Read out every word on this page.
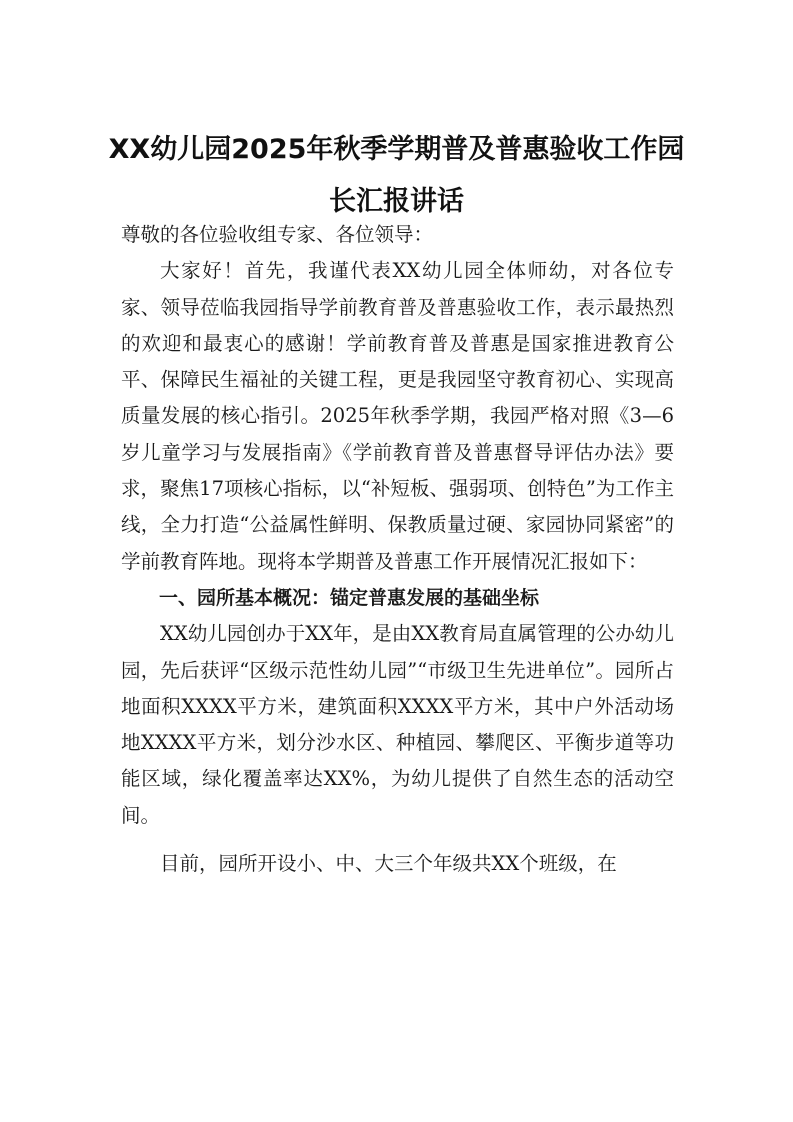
XX幼儿园2025年秋季学期普及普惠验收工作园长汇报讲话

尊敬的各位验收组专家、各位领导：

大家好！首先，我谨代表XX幼儿园全体师幼，对各位专家、领导莅临我园指导学前教育普及普惠验收工作，表示最热烈的欢迎和最衷心的感谢！学前教育普及普惠是国家推进教育公平、保障民生福祉的关键工程，更是我园坚守教育初心、实现高质量发展的核心指引。2025年秋季学期，我园严格对照《3—6岁儿童学习与发展指南》《学前教育普及普惠督导评估办法》要求，聚焦17项核心指标，以“补短板、强弱项、创特色”为工作主线，全力打造“公益属性鲜明、保教质量过硬、家园协同紧密”的学前教育阵地。现将本学期普及普惠工作开展情况汇报如下：

一、园所基本概况：锚定普惠发展的基础坐标

XX幼儿园创办于XX年，是由XX教育局直属管理的公办幼儿园，先后获评“区级示范性幼儿园”“市级卫生先进单位”。园所占地面积XXXX平方米，建筑面积XXXX平方米，其中户外活动场地XXXX平方米，划分沙水区、种植园、攀爬区、平衡步道等功能区域，绿化覆盖率达XX%，为幼儿提供了自然生态的活动空间。

目前，园所开设小、中、大三个年级共XX个班级，在
